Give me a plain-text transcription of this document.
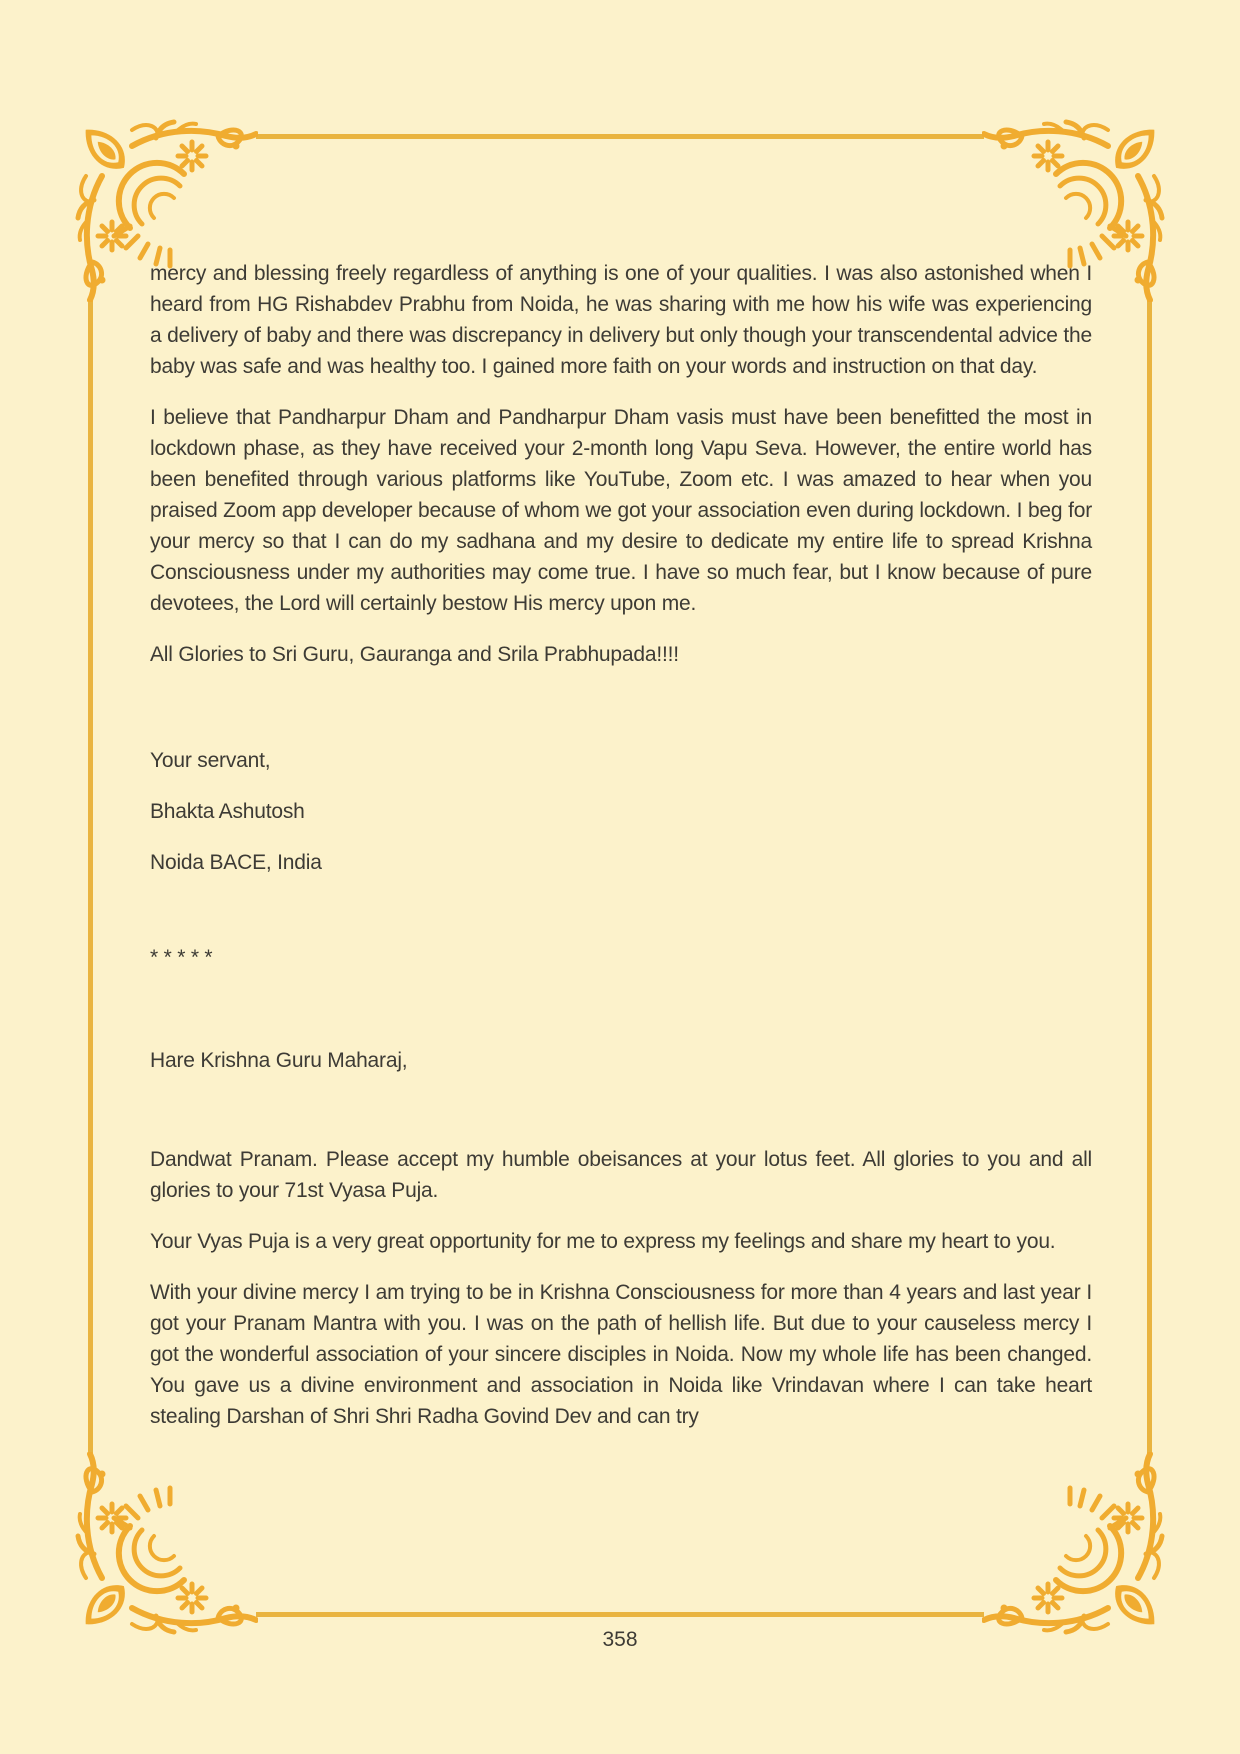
mercy and blessing freely regardless of anything is one of your qualities. I was also astonished when I heard from HG Rishabdev Prabhu from Noida, he was sharing with me how his wife was experiencing a delivery of baby and there was discrepancy in delivery but only though your transcendental advice the baby was safe and was healthy too. I gained more faith on your words and instruction on that day.

I believe that Pandharpur Dham and Pandharpur Dham vasis must have been benefitted the most in lockdown phase, as they have received your 2-month long Vapu Seva. However, the entire world has been benefited through various platforms like YouTube, Zoom etc. I was amazed to hear when you praised Zoom app developer because of whom we got your association even during lockdown. I beg for your mercy so that I can do my sadhana and my desire to dedicate my entire life to spread Krishna Consciousness under my authorities may come true. I have so much fear, but I know because of pure devotees, the Lord will certainly bestow His mercy upon me.

All Glories to Sri Guru, Gauranga and Srila Prabhupada!!!!

Your servant,

Bhakta Ashutosh

Noida BACE, India

* * * * *

Hare Krishna Guru Maharaj,

Dandwat Pranam. Please accept my humble obeisances at your lotus feet. All glories to you and all glories to your 71st Vyasa Puja.

Your Vyas Puja is a very great opportunity for me to express my feelings and share my heart to you.

With your divine mercy I am trying to be in Krishna Consciousness for more than 4 years and last year I got your Pranam Mantra with you. I was on the path of hellish life. But due to your causeless mercy I got the wonderful association of your sincere disciples in Noida. Now my whole life has been changed. You gave us a divine environment and association in Noida like Vrindavan where I can take heart stealing Darshan of Shri Shri Radha Govind Dev and can try

358
